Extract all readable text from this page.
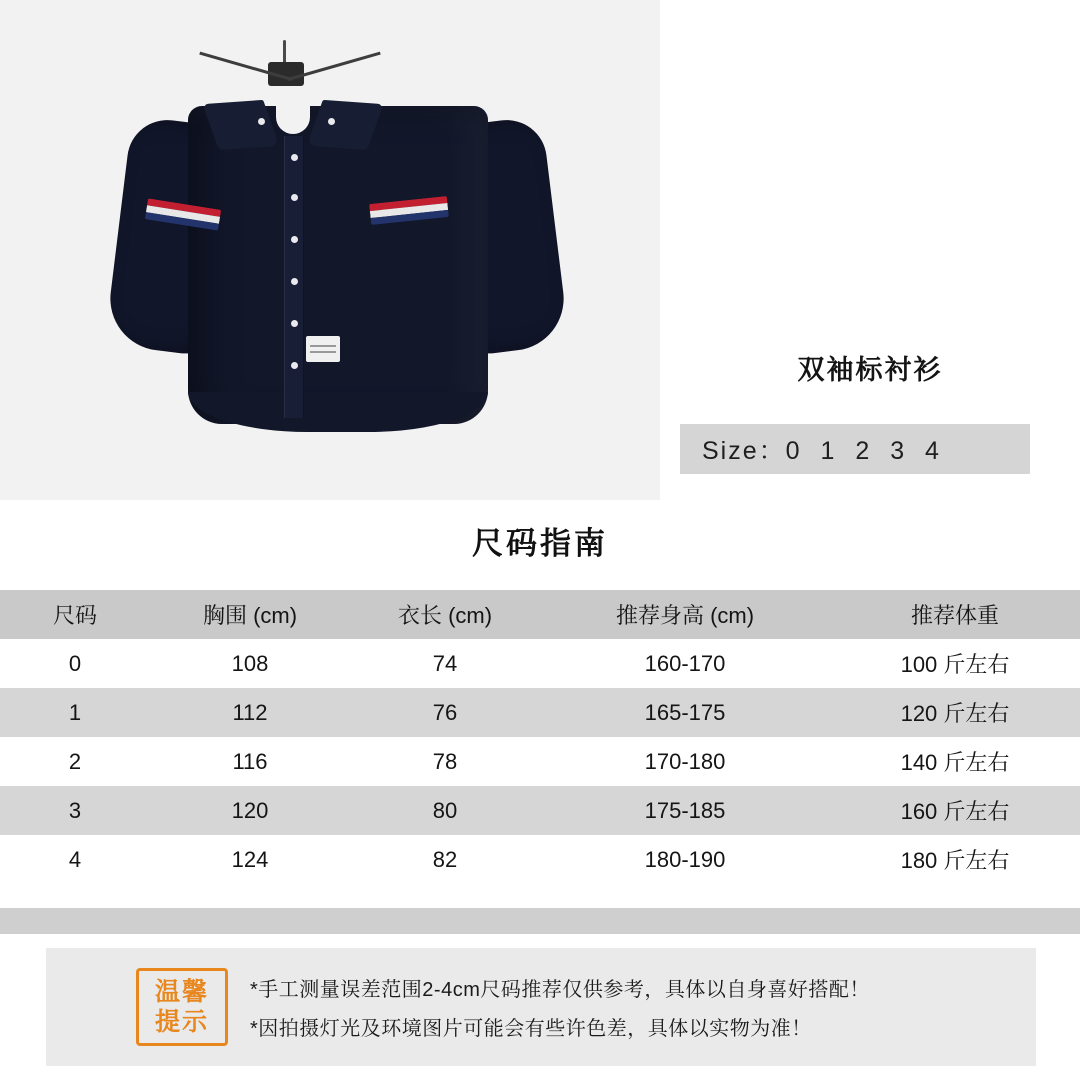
双袖标衬衫
Size：0 1 2 3 4
尺码指南
尺码	胸围 (cm)	衣长 (cm)	推荐身高 (cm)	推荐体重
0	108	74	160-170	100 斤左右
1	112	76	165-175	120 斤左右
2	116	78	170-180	140 斤左右
3	120	80	175-185	160 斤左右
4	124	82	180-190	180 斤左右
温馨
提示
*手工测量误差范围2-4cm尺码推荐仅供参考，具体以自身喜好搭配！
*因拍摄灯光及环境图片可能会有些许色差，具体以实物为准！
